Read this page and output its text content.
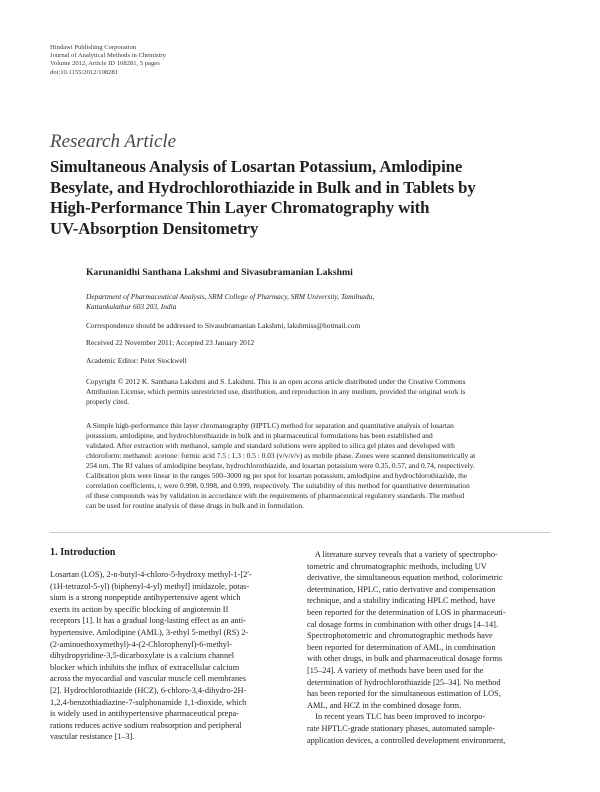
Hindawi Publishing Corporation
Journal of Analytical Methods in Chemistry
Volume 2012, Article ID 108281, 5 pages
doi:10.1155/2012/108281
Research Article
Simultaneous Analysis of Losartan Potassium, Amlodipine
Besylate, and Hydrochlorothiazide in Bulk and in Tablets by
High-Performance Thin Layer Chromatography with
UV-Absorption Densitometry
Karunanidhi Santhana Lakshmi and Sivasubramanian Lakshmi
Department of Pharmaceutical Analysis, SRM College of Pharmacy, SRM University, Tamilnadu,
Kattankulathur 603 203, India
Correspondence should be addressed to Sivasubramanian Lakshmi, lakshmiss@hotmail.com
Received 22 November 2011; Accepted 23 January 2012
Academic Editor: Peter Stockwell
Copyright © 2012 K. Santhana Lakshmi and S. Lakshmi. This is an open access article distributed under the Creative Commons
Attribution License, which permits unrestricted use, distribution, and reproduction in any medium, provided the original work is
properly cited.
A Simple high-performance thin layer chromatography (HPTLC) method for separation and quantitative analysis of losartan
potassium, amlodipine, and hydrochlorothiazide in bulk and in pharmaceutical formulations has been established and
validated. After extraction with methanol, sample and standard solutions were applied to silica gel plates and developed with
chloroform: methanol: acetone: formic acid 7.5 : 1.3 : 0.5 : 0.03 (v/v/v/v) as mobile phase. Zones were scanned densitometrically at
254 nm. The Rf values of amlodipine besylate, hydrochlorothiazide, and losartan potassium were 0.35, 0.57, and 0.74, respectively.
Calibration plots were linear in the ranges 500–3000 ng per spot for losartan potassium, amlodipine and hydrochlorothiazide, the
correlation coefficients, r, were 0.998, 0.998, and 0.999, respectively. The suitability of this method for quantitative determination
of these compounds was by validation in accordance with the requirements of pharmaceutical regulatory standards. The method
can be used for routine analysis of these drugs in bulk and in formulation.
1. Introduction
Losartan (LOS), 2-n-butyl-4-chloro-5-hydroxy methyl-1-[2′-
(1H-tetrazol-5-yl) (biphenyl-4-yl) methyl] imidazole, potas-
sium is a strong nonpeptide antihypertensive agent which
exerts its action by specific blocking of angiotensin II
receptors [1]. It has a gradual long-lasting effect as an anti-
hypertensive. Amlodipine (AML), 3-ethyl 5-methyl (RS) 2-
(2-aminoethoxymethyl)-4-(2-Chlorophenyl)-6-methyl-
dihydropyridine-3,5-dicarboxylate is a calcium channel
blocker which inhibits the influx of extracellular calcium
across the myocardial and vascular muscle cell membranes
[2]. Hydrochlorothiazide (HCZ), 6-chloro-3,4-dihydro-2H-
1,2,4-benzothiadiazine-7-sulphonamide 1,1-dioxide, which
is widely used in antihypertensive pharmaceutical prepa-
rations reduces active sodium reabsorption and peripheral
vascular resistance [1–3].
A literature survey reveals that a variety of spectropho-
tometric and chromatographic methods, including UV
derivative, the simultaneous equation method, colorimetric
determination, HPLC, ratio derivative and compensation
technique, and a stability indicating HPLC method, have
been reported for the determination of LOS in pharmaceuti-
cal dosage forms in combination with other drugs [4–14].
Spectrophotometric and chromatographic methods have
been reported for determination of AML, in combination
with other drugs, in bulk and pharmaceutical dosage forms
[15–24]. A variety of methods have been used for the
determination of hydrochlorothiazide [25–34]. No method
has been reported for the simultaneous estimation of LOS,
AML, and HCZ in the combined dosage form.
In recent years TLC has been improved to incorpo-
rate HPTLC-grade stationary phases, automated sample-
application devices, a controlled development environment,
